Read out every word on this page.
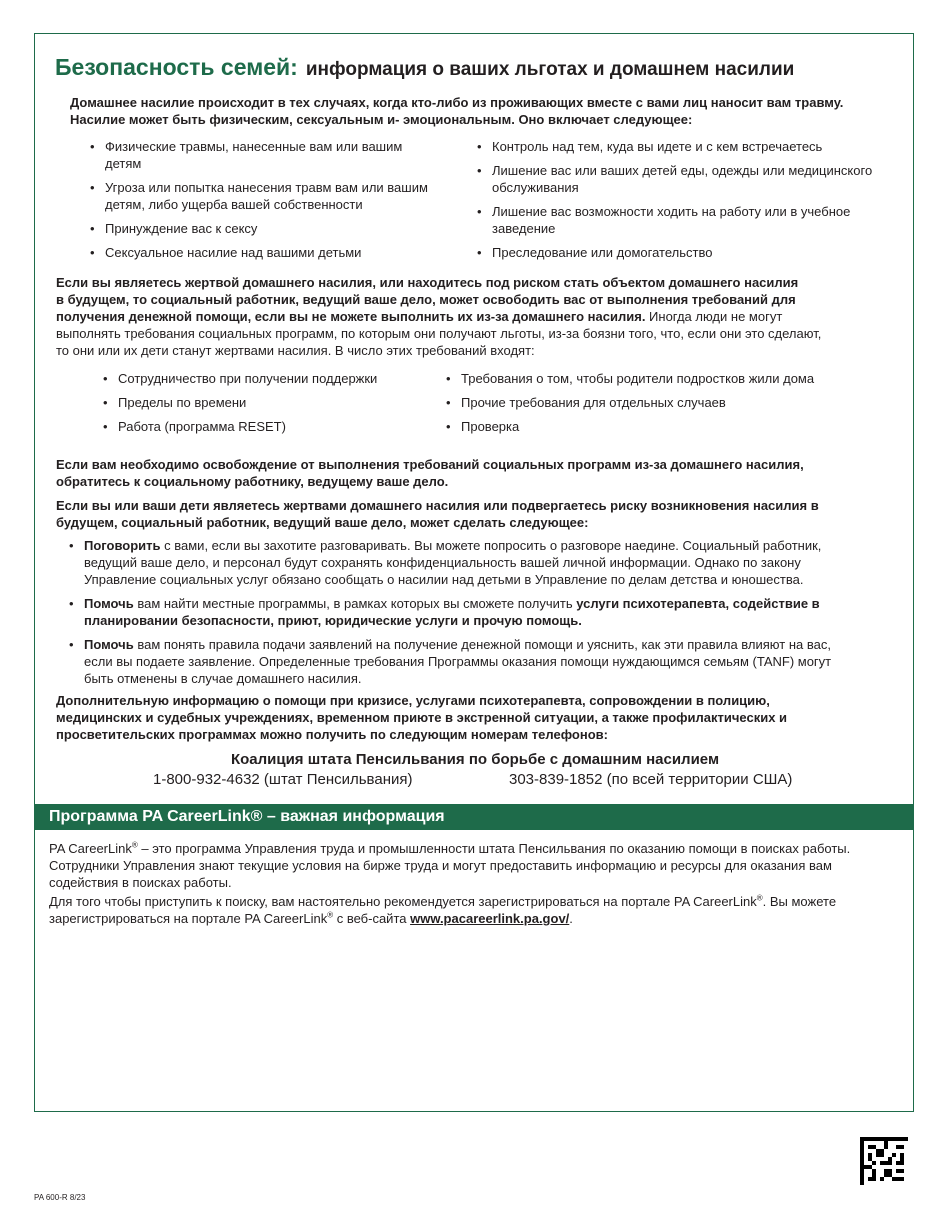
Безопасность семей: информация о ваших льготах и домашнем насилии
Домашнее насилие происходит в тех случаях, когда кто-либо из проживающих вместе с вами лиц наносит вам травму.
Насилие может быть физическим, сексуальным и- эмоциональным. Оно включает следующее:
• Физические травмы, нанесенные вам или вашим детям
• Угроза или попытка нанесения травм вам или вашим детям, либо ущерба вашей собственности
• Принуждение вас к сексу
• Сексуальное насилие над вашими детьми
• Контроль над тем, куда вы идете и с кем встречаетесь
• Лишение вас или ваших детей еды, одежды или медицинского обслуживания
• Лишение вас возможности ходить на работу или в учебное заведение
• Преследование или домогательство
Если вы являетесь жертвой домашнего насилия, или находитесь под риском стать объектом домашнего насилия
в будущем, то социальный работник, ведущий ваше дело, может освободить вас от выполнения требований для
получения денежной помощи, если вы не можете выполнить их из-за домашнего насилия. Иногда люди не могут
выполнять требования социальных программ, по которым они получают льготы, из-за боязни того, что, если они это сделают,
то они или их дети станут жертвами насилия. В число этих требований входят:
• Сотрудничество при получении поддержки
• Пределы по времени
• Работа (программа RESET)
• Требования о том, чтобы родители подростков жили дома
• Прочие требования для отдельных случаев
• Проверка
Если вам необходимо освобождение от выполнения требований социальных программ из-за домашнего насилия,
обратитесь к социальному работнику, ведущему ваше дело.
Если вы или ваши дети являетесь жертвами домашнего насилия или подвергаетесь риску возникновения насилия в
будущем, социальный работник, ведущий ваше дело, может сделать следующее:
• Поговорить с вами, если вы захотите разговаривать. Вы можете попросить о разговоре наедине. Социальный работник,
ведущий ваше дело, и персонал будут сохранять конфиденциальность вашей личной информации. Однако по закону
Управление социальных услуг обязано сообщать о насилии над детьми в Управление по делам детства и юношества.
• Помочь вам найти местные программы, в рамках которых вы сможете получить услуги психотерапевта, содействие в
планировании безопасности, приют, юридические услуги и прочую помощь.
• Помочь вам понять правила подачи заявлений на получение денежной помощи и уяснить, как эти правила влияют на вас,
если вы подаете заявление. Определенные требования Программы оказания помощи нуждающимся семьям (TANF) могут
быть отменены в случае домашнего насилия.
Дополнительную информацию о помощи при кризисе, услугами психотерапевта, сопровождении в полицию,
медицинских и судебных учреждениях, временном приюте в экстренной ситуации, а также профилактических и
просветительских программах можно получить по следующим номерам телефонов:
Коалиция штата Пенсильвания по борьбе с домашним насилием
1-800-932-4632 (штат Пенсильвания)	303-839-1852 (по всей территории США)
Программа PA CareerLink® – важная информация
PA CareerLink® – это программа Управления труда и промышленности штата Пенсильвания по оказанию помощи в поисках работы.
Сотрудники Управления знают текущие условия на бирже труда и могут предоставить информацию и ресурсы для оказания вам
содействия в поисках работы.
Для того чтобы приступить к поиску, вам настоятельно рекомендуется зарегистрироваться на портале PA CareerLink®. Вы можете
зарегистрироваться на портале PA CareerLink® с веб-сайта www.pacareerlink.pa.gov/.
PA 600-R 8/23
